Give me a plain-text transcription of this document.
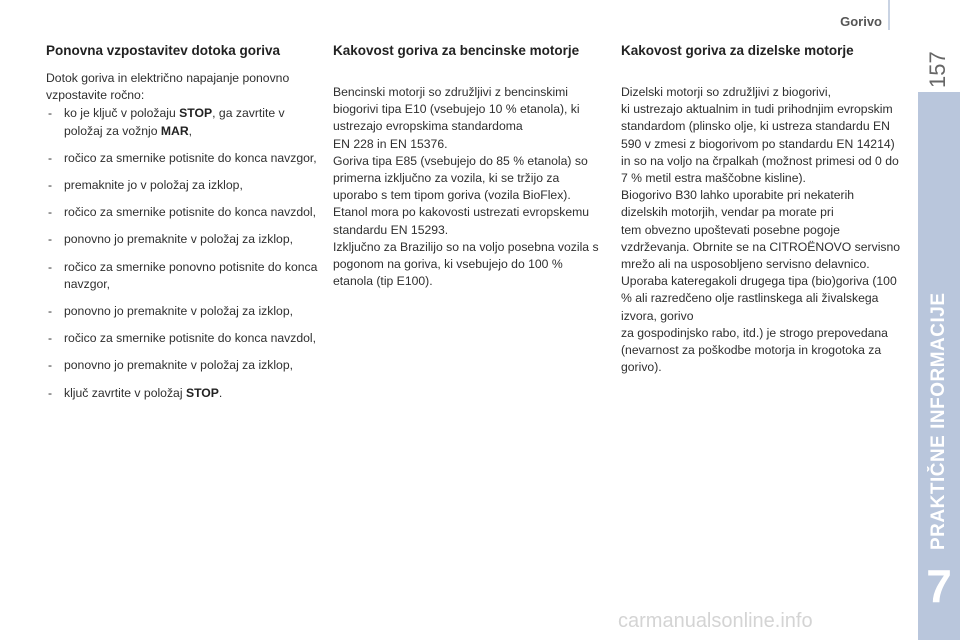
Gorivo
157
PRAKTIČNE INFORMACIJE
7
Ponovna vzpostavitev dotoka goriva

Dotok goriva in električno napajanje ponovno vzpostavite ročno:

- ko je ključ v položaju STOP, ga zavrtite v položaj za vožnjo MAR,
- ročico za smernike potisnite do konca navzgor,
- premaknite jo v položaj za izklop,
- ročico za smernike potisnite do konca navzdol,
- ponovno jo premaknite v položaj za izklop,
- ročico za smernike ponovno potisnite do konca navzgor,
- ponovno jo premaknite v položaj za izklop,
- ročico za smernike potisnite do konca navzdol,
- ponovno jo premaknite v položaj za izklop,
- ključ zavrtite v položaj STOP.
Kakovost goriva za bencinske motorje

Bencinski motorji so združljivi z bencinskimi biogorivi tipa E10 (vsebujejo 10 % etanola), ki ustrezajo evropskima standardoma
EN 228 in EN 15376.
Goriva tipa E85 (vsebujejo do 85 % etanola) so primerna izključno za vozila, ki se tržijo za uporabo s tem tipom goriva (vozila BioFlex). Etanol mora po kakovosti ustrezati evropskemu standardu EN 15293.
Izključno za Brazilijo so na voljo posebna vozila s pogonom na goriva, ki vsebujejo do 100 % etanola (tip E100).

Kakovost goriva za dizelske motorje

Dizelski motorji so združljivi z biogorivi,
ki ustrezajo aktualnim in tudi prihodnjim evropskim standardom (plinsko olje, ki ustreza standardu EN 590 v zmesi z biogorivom po standardu EN 14214) in so na voljo na črpalkah (možnost primesi od 0 do
7 % metil estra maščobne kisline).
Biogorivo B30 lahko uporabite pri nekaterih dizelskih motorjih, vendar pa morate pri
tem obvezno upoštevati posebne pogoje vzdrževanja. Obrnite se na CITROËNOVO servisno mrežo ali na usposobljeno servisno delavnico.
Uporaba kateregakoli drugega tipa (bio)goriva (100 % ali razredčeno olje rastlinskega ali živalskega izvora, gorivo
za gospodinjsko rabo, itd.) je strogo prepovedana (nevarnost za poškodbe motorja in krogotoka za gorivo).

carmanualsonline.info
